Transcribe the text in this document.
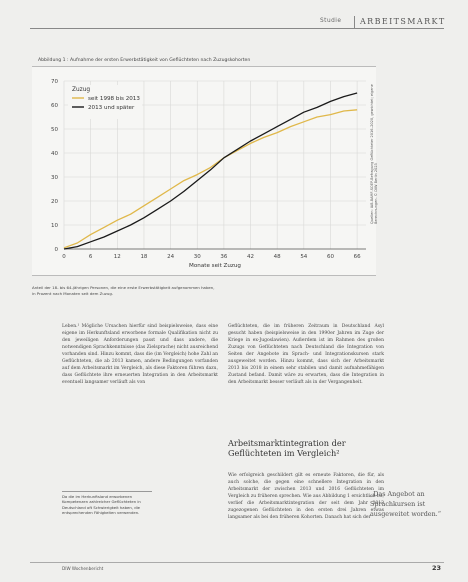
Studie ARBEITSMARKT
Abbildung 1 : Aufnahme der ersten Erwerbstätigkeit von Geflüchteten nach Zuzugskohorten
0
10
20
30
40
50
60
70
0	6	12	18	24	30	36	42	48	54	60	66
Monate seit Zuzug
Zuzug
seit 1998 bis 2013
2013 und später	Quellen: IAB-BAMF-SOEP-Befragung Geflüchteter 2016–2020, gewichtet; eigene Berechnungen. © DIW Berlin 2023
Anteil der 18- bis 64-jährigen Personen, die eine erste Erwerbstätigkeit aufgenommen haben,
in Prozent nach Monaten seit dem Zuzug.
Leben.¹ Mögliche Ursachen hierfür sind beispielsweise, dass eine eigene im Herkunftsland erworbene formale Qualifikation nicht zu den jeweiligen Anforderungen passt und dass andere, die notwendigen Sprachkenntnisse (das Zielsprache) nicht ausreichend vorhanden sind. Hinzu kommt, dass die (im Vergleich) hohe Zahl an Geflüchteten, die ab 2013 kamen, andere Bedingungen vorfanden auf dem Arbeitsmarkt im Vergleich, als diese Faktoren führen dazu, dass Geflüchtete ihre erneuerten Integration in den Arbeitsmarkt eventuell langsamer verläuft als von
Geflüchteten, die im früheren Zeitraum in Deutschland Asyl gesucht haben (beispielsweise in den 1990er Jahren im Zuge der Kriege in ex-Jugoslawien). Außerdem ist im Rahmen des großen Zuzugs von Geflüchteten nach Deutschland die Integration von Seiten der Angebote im Sprach- und Integrationskursen stark ausgeweitet worden. Hinzu kommt, dass sich der Arbeitsmarkt 2013 bis 2018 in einem sehr stabilen und damit aufnahmefähigen Zustand befand. Damit wäre zu erwarten, dass die Integration in den Arbeitsmarkt besser verläuft als in der Vergangenheit.
Arbeitsmarktintegration der
Geflüchteten im Vergleich²
Wie erfolgreich geschildert gilt es erneute Faktoren, die für, als auch solche, die gegen eine schnellere Integration in den Arbeitsmarkt der zwischen 2013 und 2016 Geflüchteten im Vergleich zu früheren sprechen. Wie aus Abbildung 1 ersichtlich ist, verlief die Arbeitsmarktintegration der seit dem Jahr 2013 zugezogenen Geflüchteten in den ersten drei Jahren etwas langsamer als bei den früheren Kohorten. Danach hat sich der
Da die im Herkunftsland erworbenen Kompetenzen zahlreicher Geflüchteten in Deutschland oft Schwierigkeit haben, die entsprechenden Fähigkeiten verwenden.
„Das Angebot an Sprachkursen ist ausgeweitet worden.“
DIW Wochenbericht	23
